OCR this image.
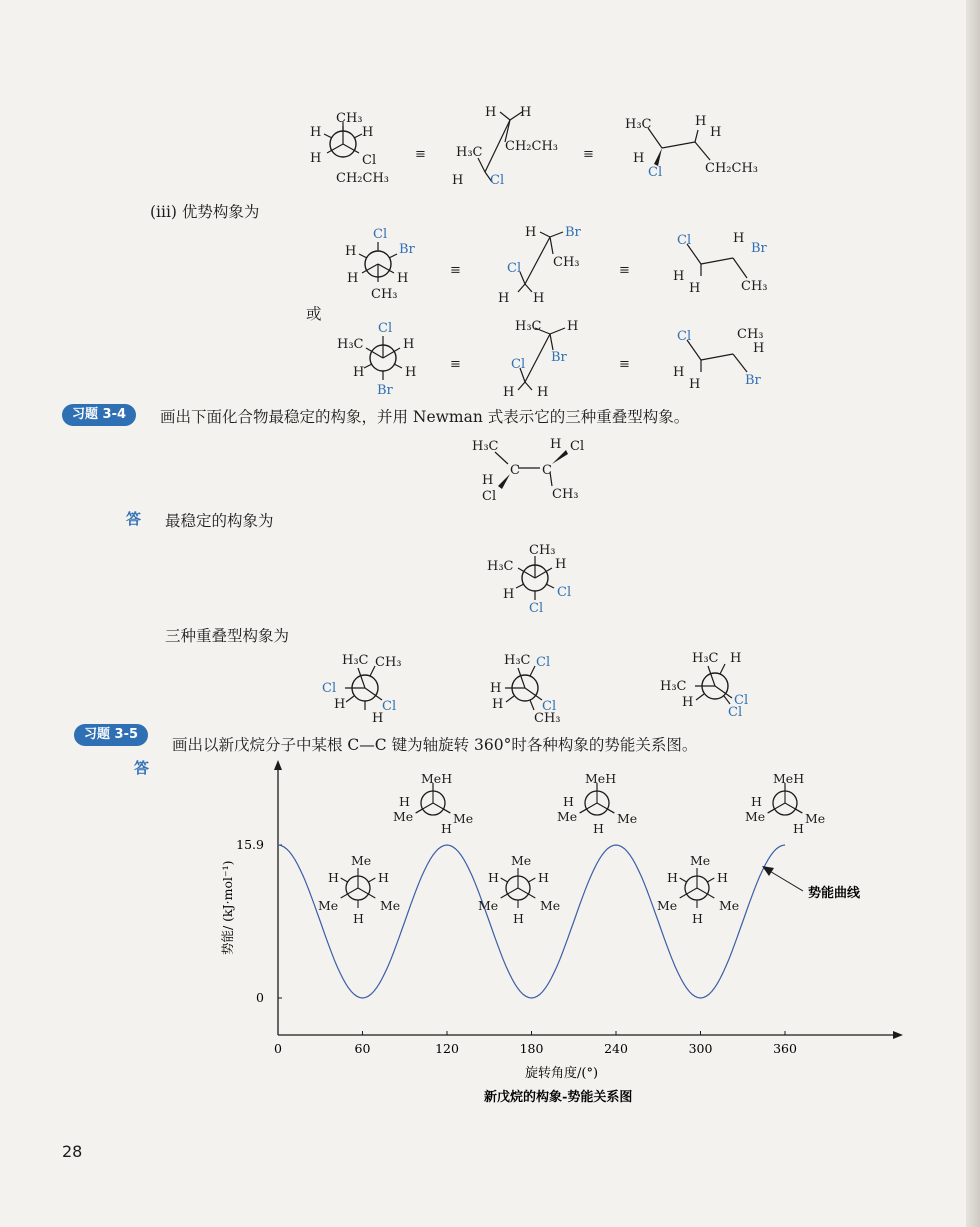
CH₃
H	H
H	Cl
CH₂CH₃
≡
H H
CH₂CH₃
H₃C
H Cl
≡
H₃C	H
H
H
Cl	CH₂CH₃
(iii) 优势构象为
Cl
H	Br
H	H
CH₃
≡
H Br
CH₃
Cl
H H
≡
Cl	H
Br
H
H	CH₃
或
Cl
H₃C	H
H	H
Br
≡
H₃C H
Br
Cl
H H
≡
Cl	CH₃
H
H
H	Br
习题 3-4	画出下面化合物最稳定的构象，并用 Newman 式表示它的三种重叠型构象。
H₃C
C C
H Cl
H
Cl	CH₃
答 最稳定的构象为
CH₃
H₃C	H
H	Cl
Cl
三种重叠型构象为
H₃C CH₃
Cl
H	Cl
H
H₃C Cl
H
H	Cl
CH₃
H₃C H
H₃C
H	Cl
Cl
习题 3-5
画出以新戊烷分子中某根 C—C 键为轴旋转 360°时各种构象的势能关系图。
答
0	60	120	180	240	300	360
0
15.9
MeH
H
Me	Me
H
MeH
H
Me	Me
H
MeH
H
Me	Me
H
Me
H	H
Me	Me
H
Me
H	H
Me	Me
H
Me
H	H
Me	Me
H
势能/ (kJ·mol⁻¹)
旋转角度/(°)
新戊烷的构象-势能关系图
势能曲线
28
